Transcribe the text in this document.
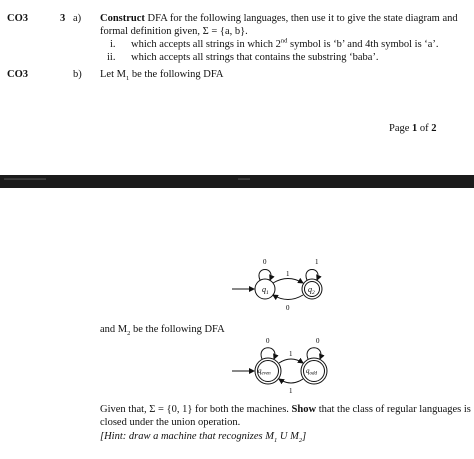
CO3	3 a) Construct DFA for the following languages, then use it to give the state diagram and
formal definition given, Σ = {a, b}.
i. which accepts all strings in which 2nd symbol is ‘b’ and 4th symbol is ‘a’.
ii. which accepts all strings that contains the substring ‘baba’.
CO3	b) Let $M_1$ be the following DFA
Page 1 of 2
▬▬▬▬▬▬▬	▬▬
$q_1$
0
$q_2$
1
1
0
and $M_2$ be the following DFA
$q_{even}$
0
$q_{odd}$
0
1
1
Given that, Σ = {0, 1} for both the machines. Show that the class of regular languages is
closed under the union operation.
[Hint: draw a machine that recognizes $M_1$ U $M_2$]
